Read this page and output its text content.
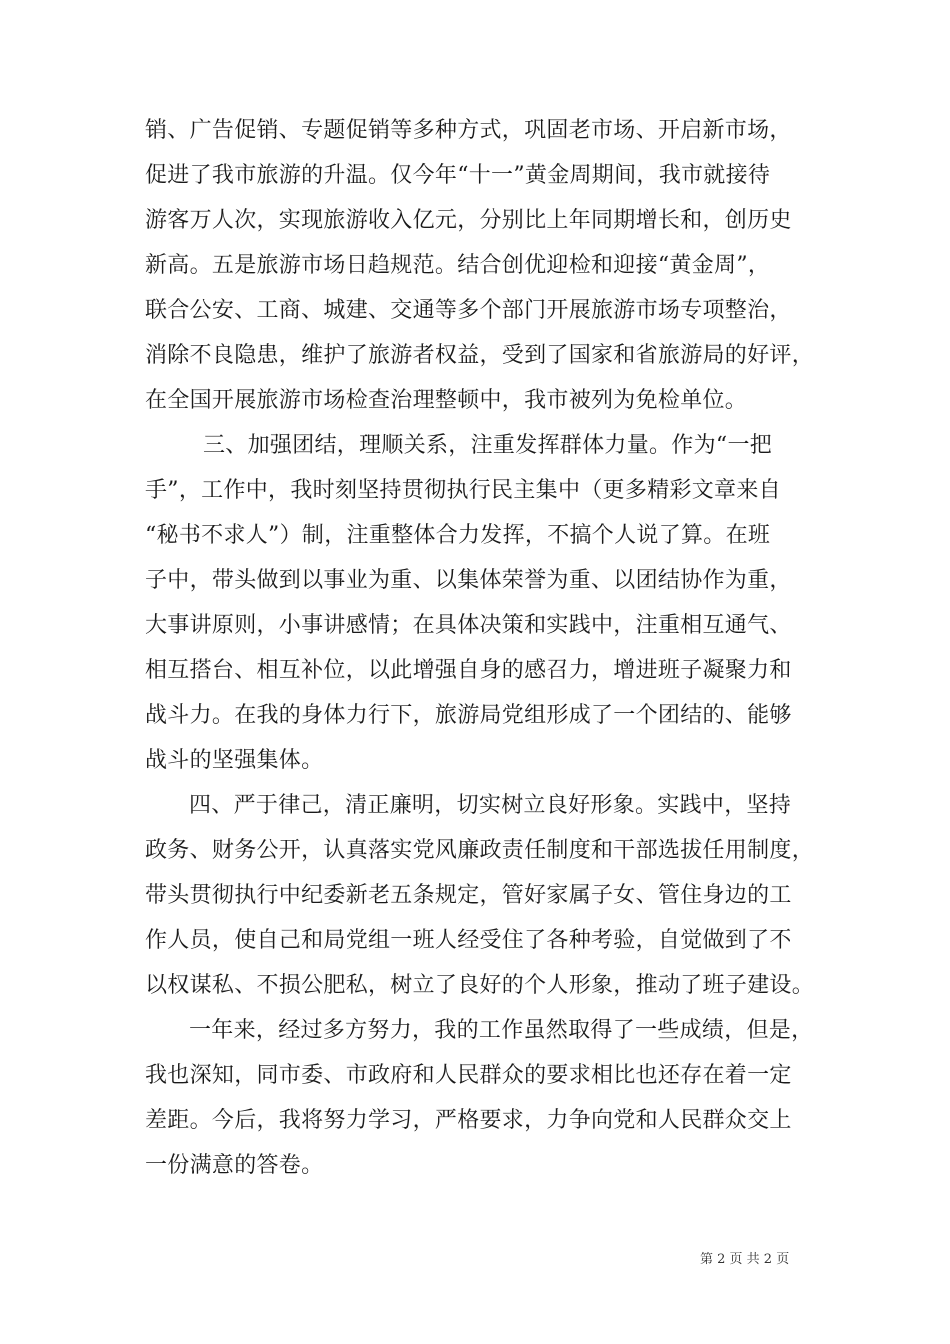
销、广告促销、专题促销等多种方式，巩固老市场、开启新市场，
促进了我市旅游的升温。仅今年“十一”黄金周期间，我市就接待
游客万人次，实现旅游收入亿元，分别比上年同期增长和，创历史
新高。五是旅游市场日趋规范。结合创优迎检和迎接“黄金周”，
联合公安、工商、城建、交通等多个部门开展旅游市场专项整治，
消除不良隐患，维护了旅游者权益，受到了国家和省旅游局的好评，
在全国开展旅游市场检查治理整顿中，我市被列为免检单位。
三、加强团结，理顺关系，注重发挥群体力量。作为“一把
手”，工作中，我时刻坚持贯彻执行民主集中（更多精彩文章来自
“秘书不求人”）制，注重整体合力发挥，不搞个人说了算。在班
子中，带头做到以事业为重、以集体荣誉为重、以团结协作为重，
大事讲原则，小事讲感情；在具体决策和实践中，注重相互通气、
相互搭台、相互补位，以此增强自身的感召力，增进班子凝聚力和
战斗力。在我的身体力行下，旅游局党组形成了一个团结的、能够
战斗的坚强集体。
四、严于律己，清正廉明，切实树立良好形象。实践中，坚持
政务、财务公开，认真落实党风廉政责任制度和干部选拔任用制度，
带头贯彻执行中纪委新老五条规定，管好家属子女、管住身边的工
作人员，使自己和局党组一班人经受住了各种考验，自觉做到了不
以权谋私、不损公肥私，树立了良好的个人形象，推动了班子建设。
一年来，经过多方努力，我的工作虽然取得了一些成绩，但是，
我也深知，同市委、市政府和人民群众的要求相比也还存在着一定
差距。今后，我将努力学习，严格要求，力争向党和人民群众交上
一份满意的答卷。
第 2 页 共 2 页
